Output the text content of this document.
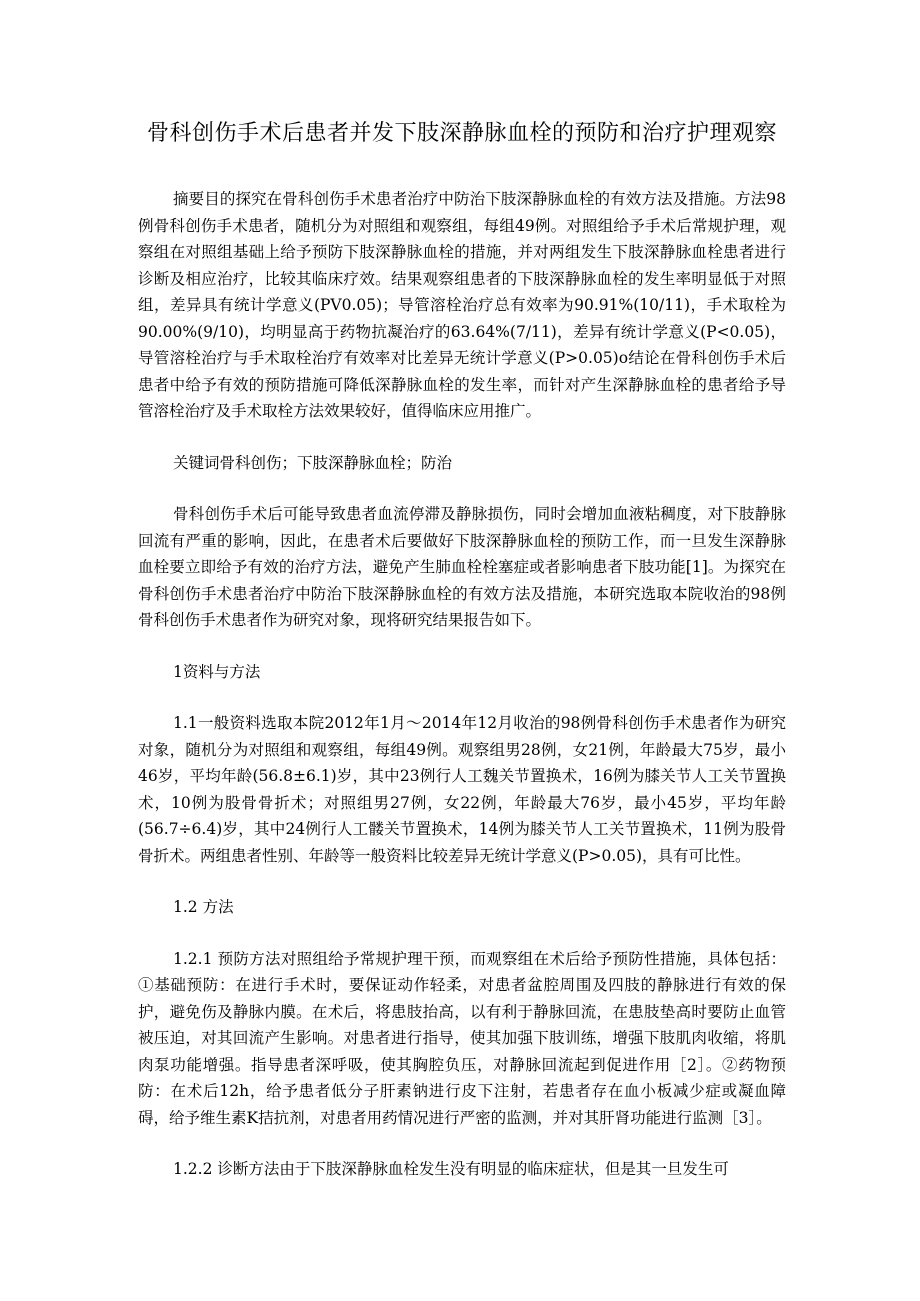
骨科创伤手术后患者并发下肢深静脉血栓的预防和治疗护理观察

摘要目的探究在骨科创伤手术患者治疗中防治下肢深静脉血栓的有效方法及措施。方法98例骨科创伤手术患者，随机分为对照组和观察组，每组49例。对照组给予手术后常规护理，观察组在对照组基础上给予预防下肢深静脉血栓的措施，并对两组发生下肢深静脉血栓患者进行诊断及相应治疗，比较其临床疗效。结果观察组患者的下肢深静脉血栓的发生率明显低于对照组，差异具有统计学意义(PV0.05)；导管溶栓治疗总有效率为90.91%(10/11)，手术取栓为90.00%(9/10)，均明显高于药物抗凝治疗的63.64%(7/11)，差异有统计学意义(P<0.05)，导管溶栓治疗与手术取栓治疗有效率对比差异无统计学意义(P>0.05)o结论在骨科创伤手术后患者中给予有效的预防措施可降低深静脉血栓的发生率，而针对产生深静脉血栓的患者给予导管溶栓治疗及手术取栓方法效果较好，值得临床应用推广。

关键词骨科创伤；下肢深静脉血栓；防治

骨科创伤手术后可能导致患者血流停滞及静脉损伤，同时会增加血液粘稠度，对下肢静脉回流有严重的影响，因此，在患者术后要做好下肢深静脉血栓的预防工作，而一旦发生深静脉血栓要立即给予有效的治疗方法，避免产生肺血栓栓塞症或者影响患者下肢功能[1]。为探究在骨科创伤手术患者治疗中防治下肢深静脉血栓的有效方法及措施，本研究选取本院收治的98例骨科创伤手术患者作为研究对象，现将研究结果报告如下。

1资料与方法

1.1一般资料选取本院2012年1月～2014年12月收治的98例骨科创伤手术患者作为研究对象，随机分为对照组和观察组，每组49例。观察组男28例，女21例，年龄最大75岁，最小46岁，平均年龄(56.8±6.1)岁，其中23例行人工魏关节置换术，16例为膝关节人工关节置换术，10例为股骨骨折术；对照组男27例，女22例，年龄最大76岁，最小45岁，平均年龄(56.7÷6.4)岁，其中24例行人工髅关节置换术，14例为膝关节人工关节置换术，11例为股骨骨折术。两组患者性别、年龄等一般资料比较差异无统计学意义(P>0.05)，具有可比性。

1.2 方法

1.2.1 预防方法对照组给予常规护理干预，而观察组在术后给予预防性措施，具体包括：①基础预防：在进行手术时，要保证动作轻柔，对患者盆腔周围及四肢的静脉进行有效的保护，避免伤及静脉内膜。在术后，将患肢抬高，以有利于静脉回流，在患肢垫高时要防止血管被压迫，对其回流产生影响。对患者进行指导，使其加强下肢训练，增强下肢肌肉收缩，将肌肉泵功能增强。指导患者深呼吸，使其胸腔负压，对静脉回流起到促进作用［2］。②药物预防：在术后12h，给予患者低分子肝素钠进行皮下注射，若患者存在血小板减少症或凝血障碍，给予维生素K拮抗剂，对患者用药情况进行严密的监测，并对其肝肾功能进行监测［3］。

1.2.2 诊断方法由于下肢深静脉血栓发生没有明显的临床症状，但是其一旦发生可
